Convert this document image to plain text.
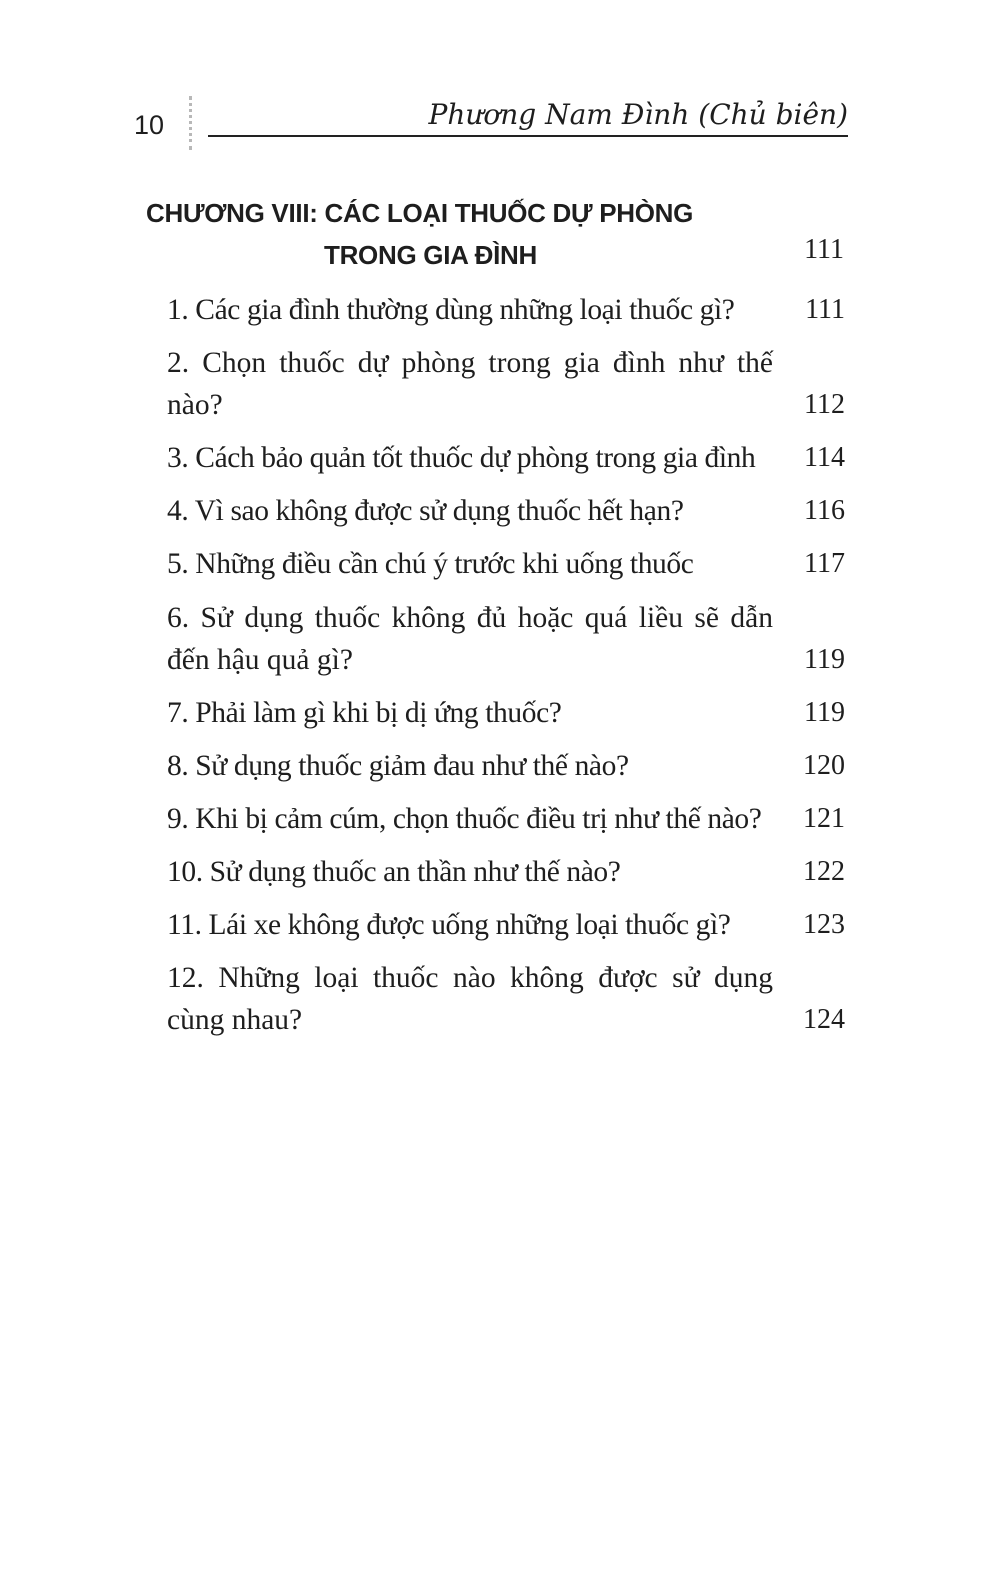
10	Phương Nam Đình (Chủ biên)
CHƯƠNG VIII: CÁC LOẠI THUỐC DỰ PHÒNG
TRONG GIA ĐÌNH	111
1. Các gia đình thường dùng những loại thuốc gì?	111
2. Chọn thuốc dự phòng trong gia đình như thế nào?	112
3. Cách bảo quản tốt thuốc dự phòng trong gia đình	114
4. Vì sao không được sử dụng thuốc hết hạn?	116
5. Những điều cần chú ý trước khi uống thuốc	117
6. Sử dụng thuốc không đủ hoặc quá liều sẽ dẫn đến hậu quả gì?	119
7. Phải làm gì khi bị dị ứng thuốc?	119
8. Sử dụng thuốc giảm đau như thế nào?	120
9. Khi bị cảm cúm, chọn thuốc điều trị như thế nào?	121
10. Sử dụng thuốc an thần như thế nào?	122
11. Lái xe không được uống những loại thuốc gì?	123
12. Những loại thuốc nào không được sử dụng cùng nhau?	124
